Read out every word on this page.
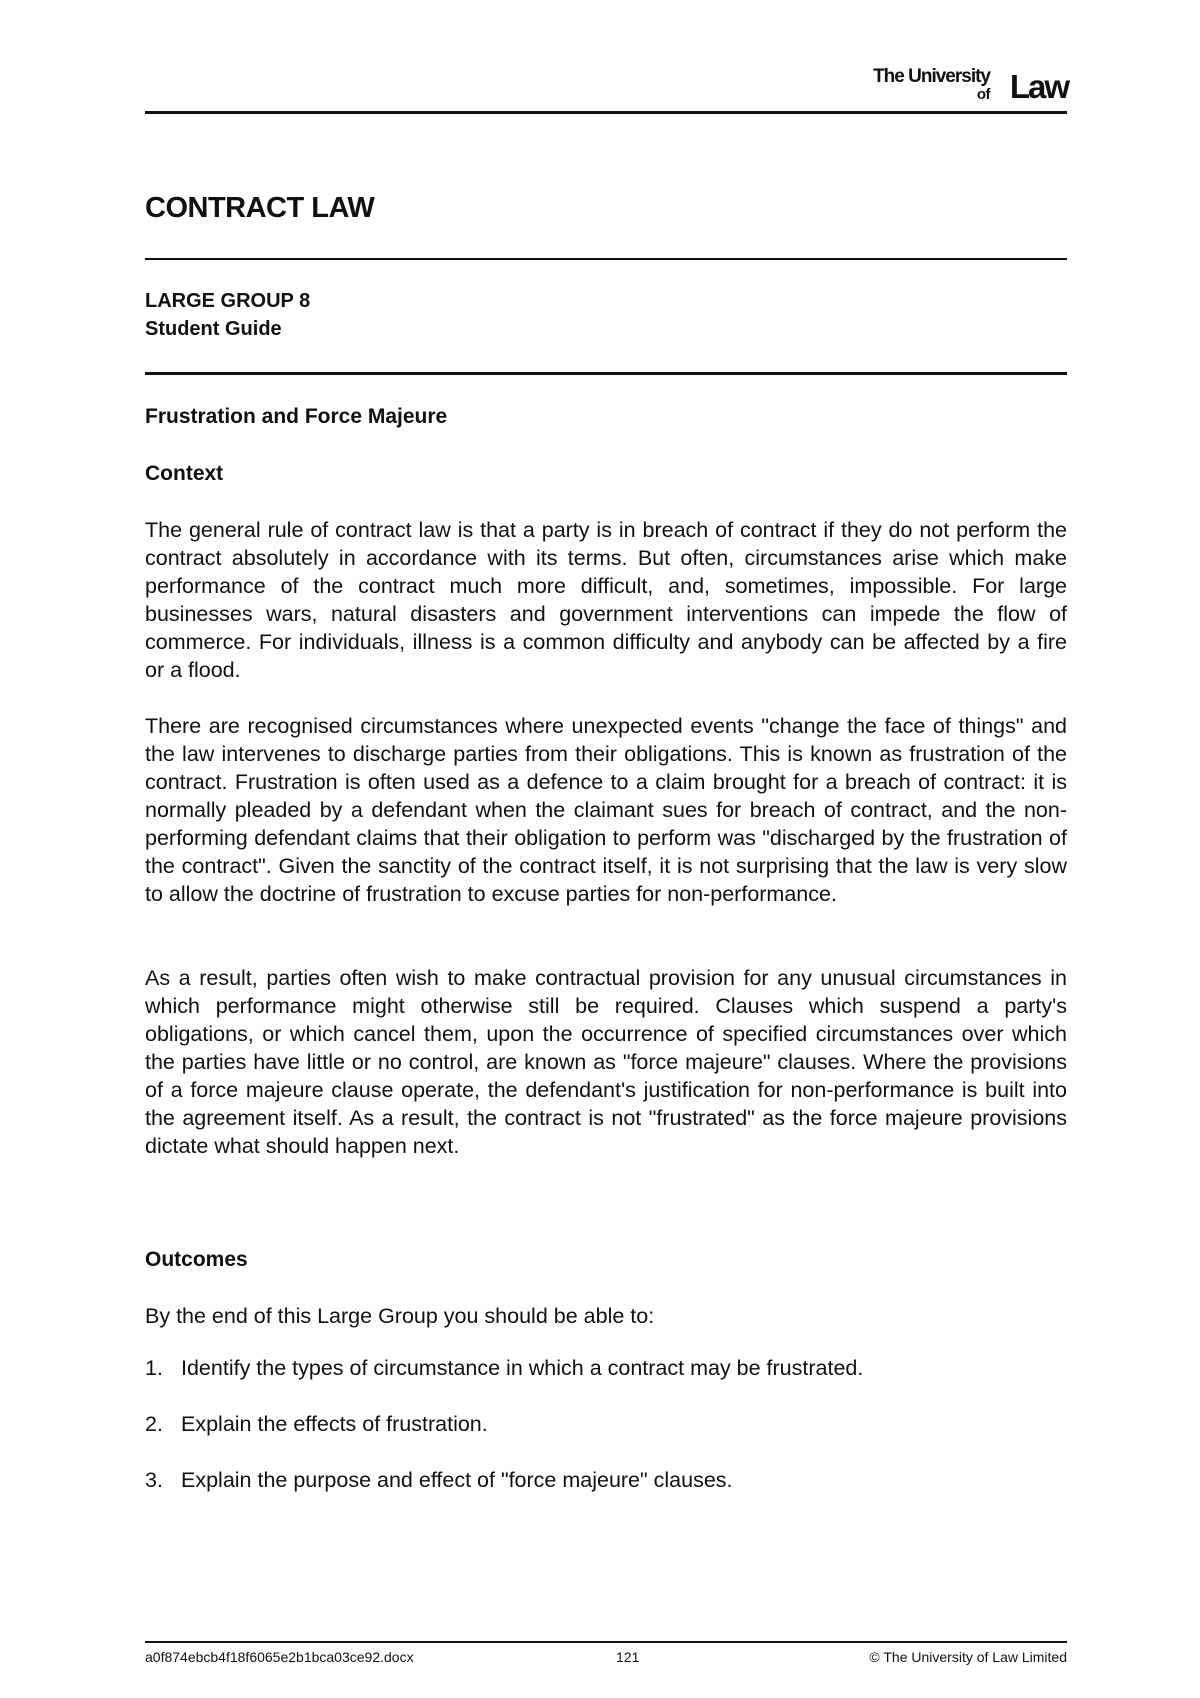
The University
of Law
CONTRACT LAW
LARGE GROUP 8
Student Guide
Frustration and Force Majeure
Context
The general rule of contract law is that a party is in breach of contract if they do not perform the contract absolutely in accordance with its terms. But often, circumstances arise which make performance of the contract much more difficult, and, sometimes, impossible. For large businesses wars, natural disasters and government interventions can impede the flow of commerce. For individuals, illness is a common difficulty and anybody can be affected by a fire or a flood.
There are recognised circumstances where unexpected events "change the face of things" and the law intervenes to discharge parties from their obligations. This is known as frustration of the contract. Frustration is often used as a defence to a claim brought for a breach of contract: it is normally pleaded by a defendant when the claimant sues for breach of contract, and the non-performing defendant claims that their obligation to perform was "discharged by the frustration of the contract". Given the sanctity of the contract itself, it is not surprising that the law is very slow to allow the doctrine of frustration to excuse parties for non-performance.
As a result, parties often wish to make contractual provision for any unusual circumstances in which performance might otherwise still be required. Clauses which suspend a party's obligations, or which cancel them, upon the occurrence of specified circumstances over which the parties have little or no control, are known as "force majeure" clauses. Where the provisions of a force majeure clause operate, the defendant's justification for non-performance is built into the agreement itself. As a result, the contract is not "frustrated" as the force majeure provisions dictate what should happen next.
Outcomes
By the end of this Large Group you should be able to:
1. Identify the types of circumstance in which a contract may be frustrated.
2. Explain the effects of frustration.
3. Explain the purpose and effect of "force majeure" clauses.
a0f874ebcb4f18f6065e2b1bca03ce92.docx	121	© The University of Law Limited
